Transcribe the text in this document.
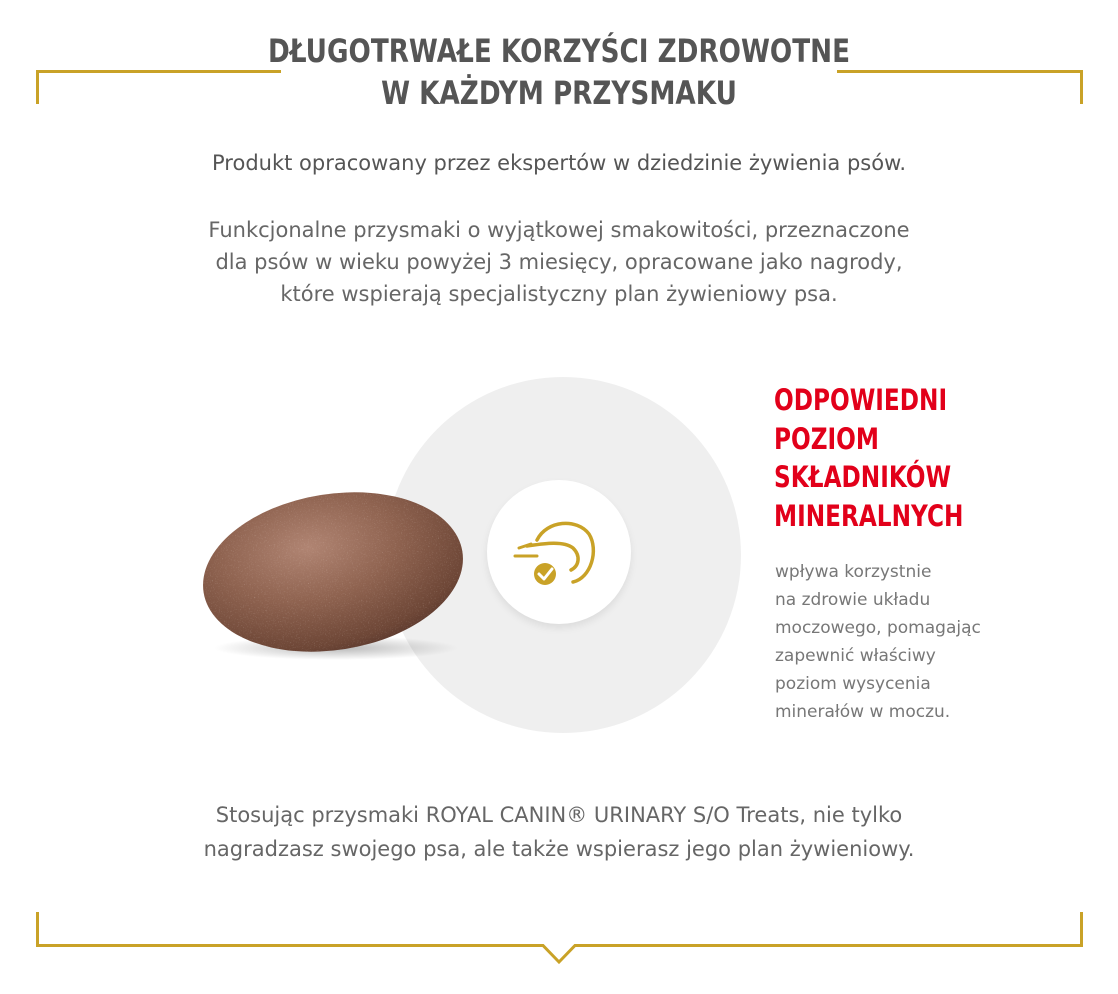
DŁUGOTRWAŁE KORZYŚCI ZDROWOTNE
W KAŻDYM PRZYSMAKU
Produkt opracowany przez ekspertów w dziedzinie żywienia psów.
Funkcjonalne przysmaki o wyjątkowej smakowitości, przeznaczone
dla psów w wieku powyżej 3 miesięcy, opracowane jako nagrody,
które wspierają specjalistyczny plan żywieniowy psa.
ODPOWIEDNI
POZIOM
SKŁADNIKÓW
MINERALNYCH
wpływa korzystnie
na zdrowie układu
moczowego, pomagając
zapewnić właściwy
poziom wysycenia
minerałów w moczu.
Stosując przysmaki ROYAL CANIN® URINARY S/O Treats, nie tylko
nagradzasz swojego psa, ale także wspierasz jego plan żywieniowy.
